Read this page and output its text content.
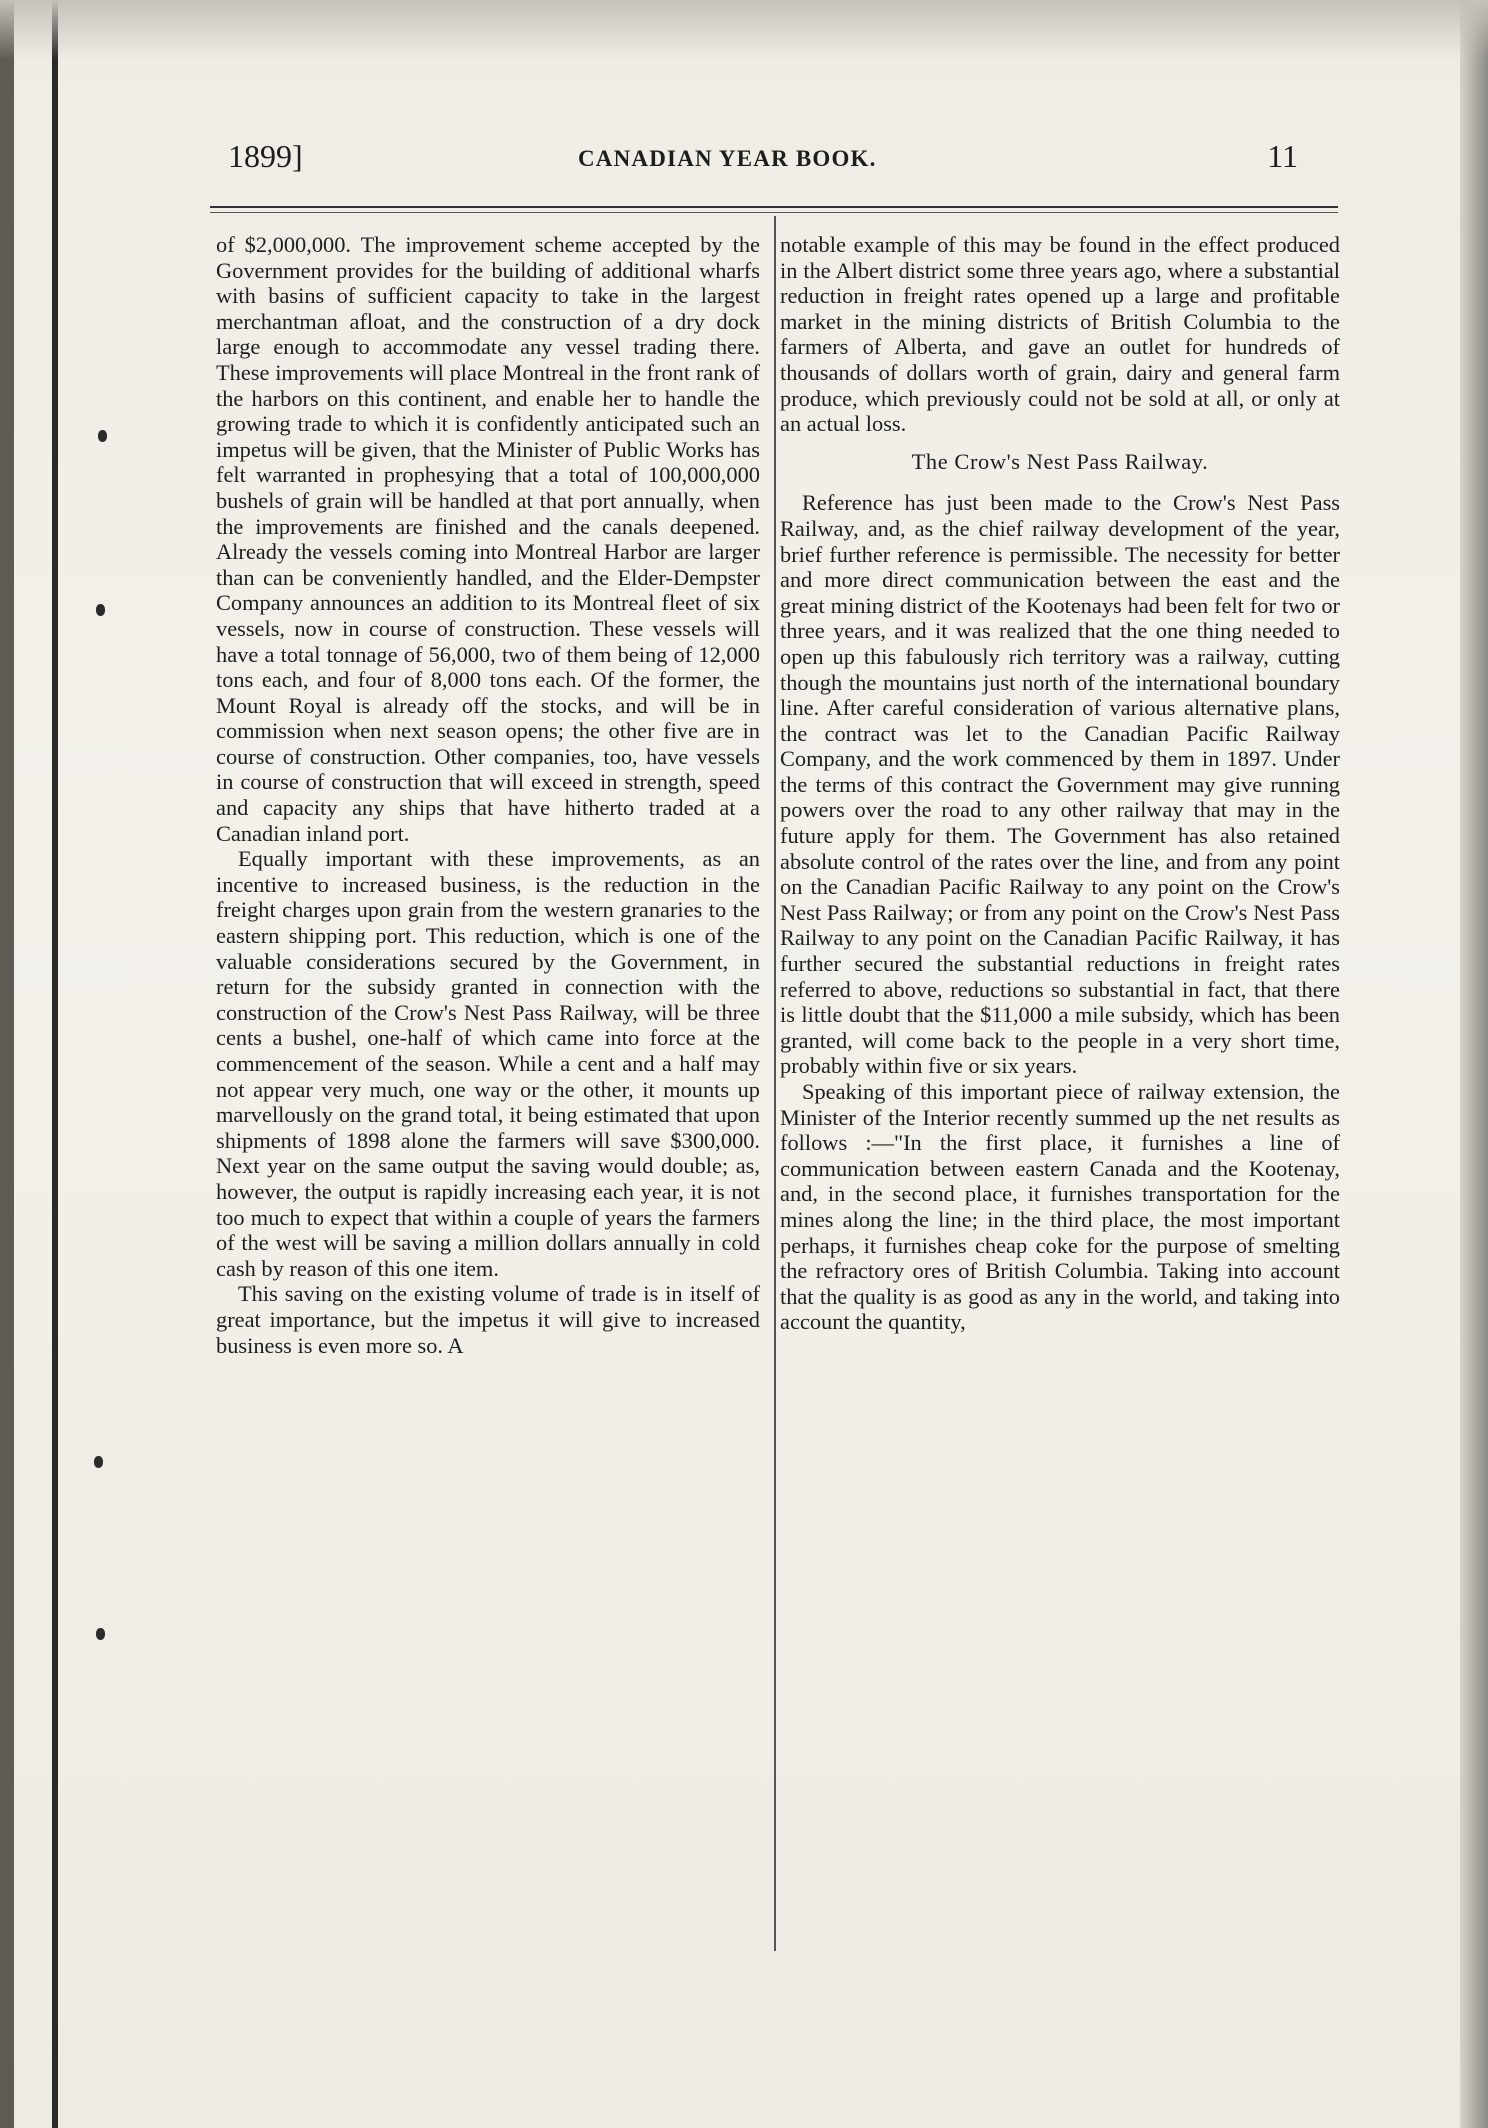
1899]	CANADIAN YEAR BOOK.	11

of $2,000,000. The improvement scheme accepted by the Government provides for the building of additional wharfs with basins of sufficient capacity to take in the largest merchantman afloat, and the construction of a dry dock large enough to accommodate any vessel trading there. These improvements will place Montreal in the front rank of the harbors on this continent, and enable her to handle the growing trade to which it is confidently anticipated such an impetus will be given, that the Minister of Public Works has felt warranted in prophesying that a total of 100,000,000 bushels of grain will be handled at that port annually, when the improvements are finished and the canals deepened. Already the vessels coming into Montreal Harbor are larger than can be conveniently handled, and the Elder-Dempster Company announces an addition to its Montreal fleet of six vessels, now in course of construction. These vessels will have a total tonnage of 56,000, two of them being of 12,000 tons each, and four of 8,000 tons each. Of the former, the Mount Royal is already off the stocks, and will be in commission when next season opens; the other five are in course of construction. Other companies, too, have vessels in course of construction that will exceed in strength, speed and capacity any ships that have hitherto traded at a Canadian inland port.

Equally important with these improvements, as an incentive to increased business, is the reduction in the freight charges upon grain from the western granaries to the eastern shipping port. This reduction, which is one of the valuable considerations secured by the Government, in return for the subsidy granted in connection with the construction of the Crow's Nest Pass Railway, will be three cents a bushel, one-half of which came into force at the commencement of the season. While a cent and a half may not appear very much, one way or the other, it mounts up marvellously on the grand total, it being estimated that upon shipments of 1898 alone the farmers will save $300,000. Next year on the same output the saving would double; as, however, the output is rapidly increasing each year, it is not too much to expect that within a couple of years the farmers of the west will be saving a million dollars annually in cold cash by reason of this one item.

This saving on the existing volume of trade is in itself of great importance, but the impetus it will give to increased business is even more so. A

notable example of this may be found in the effect produced in the Albert district some three years ago, where a substantial reduction in freight rates opened up a large and profitable market in the mining districts of British Columbia to the farmers of Alberta, and gave an outlet for hundreds of thousands of dollars worth of grain, dairy and general farm produce, which previously could not be sold at all, or only at an actual loss.

The Crow's Nest Pass Railway.

Reference has just been made to the Crow's Nest Pass Railway, and, as the chief railway development of the year, brief further reference is permissible. The necessity for better and more direct communication between the east and the great mining district of the Kootenays had been felt for two or three years, and it was realized that the one thing needed to open up this fabulously rich territory was a railway, cutting though the mountains just north of the international boundary line. After careful consideration of various alternative plans, the contract was let to the Canadian Pacific Railway Company, and the work commenced by them in 1897. Under the terms of this contract the Government may give running powers over the road to any other railway that may in the future apply for them. The Government has also retained absolute control of the rates over the line, and from any point on the Canadian Pacific Railway to any point on the Crow's Nest Pass Railway; or from any point on the Crow's Nest Pass Railway to any point on the Canadian Pacific Railway, it has further secured the substantial reductions in freight rates referred to above, reductions so substantial in fact, that there is little doubt that the $11,000 a mile subsidy, which has been granted, will come back to the people in a very short time, probably within five or six years.

Speaking of this important piece of railway extension, the Minister of the Interior recently summed up the net results as follows :—"In the first place, it furnishes a line of communication between eastern Canada and the Kootenay, and, in the second place, it furnishes transportation for the mines along the line; in the third place, the most important perhaps, it furnishes cheap coke for the purpose of smelting the refractory ores of British Columbia. Taking into account that the quality is as good as any in the world, and taking into account the quantity,
